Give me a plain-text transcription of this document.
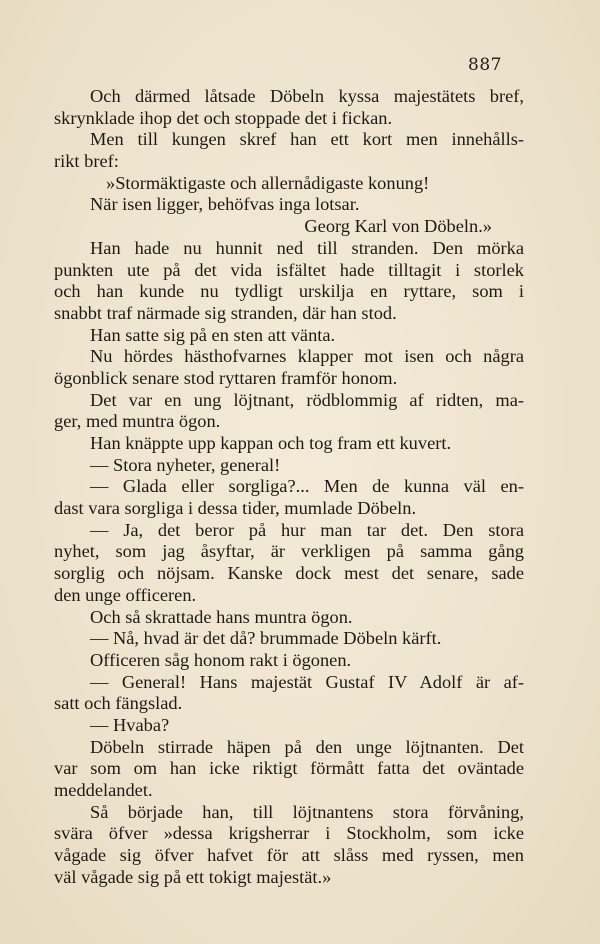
887
Och därmed låtsade Döbeln kyssa majestätets bref,
skrynklade ihop det och stoppade det i fickan.
Men till kungen skref han ett kort men innehålls-
rikt bref:
»Stormäktigaste och allernådigaste konung!
När isen ligger, behöfvas inga lotsar.
Georg Karl von Döbeln.»
Han hade nu hunnit ned till stranden. Den mörka
punkten ute på det vida isfältet hade tilltagit i storlek
och han kunde nu tydligt urskilja en ryttare, som i
snabbt traf närmade sig stranden, där han stod.
Han satte sig på en sten att vänta.
Nu hördes hästhofvarnes klapper mot isen och några
ögonblick senare stod ryttaren framför honom.
Det var en ung löjtnant, rödblommig af ridten, ma-
ger, med muntra ögon.
Han knäppte upp kappan och tog fram ett kuvert.
— Stora nyheter, general!
— Glada eller sorgliga?... Men de kunna väl en-
dast vara sorgliga i dessa tider, mumlade Döbeln.
— Ja, det beror på hur man tar det. Den stora
nyhet, som jag åsyftar, är verkligen på samma gång
sorglig och nöjsam. Kanske dock mest det senare, sade
den unge officeren.
Och så skrattade hans muntra ögon.
— Nå, hvad är det då? brummade Döbeln kärft.
Officeren såg honom rakt i ögonen.
— General! Hans majestät Gustaf IV Adolf är af-
satt och fängslad.
— Hvaba?
Döbeln stirrade häpen på den unge löjtnanten. Det
var som om han icke riktigt förmått fatta det oväntade
meddelandet.
Så började han, till löjtnantens stora förvåning,
svära öfver »dessa krigsherrar i Stockholm, som icke
vågade sig öfver hafvet för att slåss med ryssen, men
väl vågade sig på ett tokigt majestät.»
